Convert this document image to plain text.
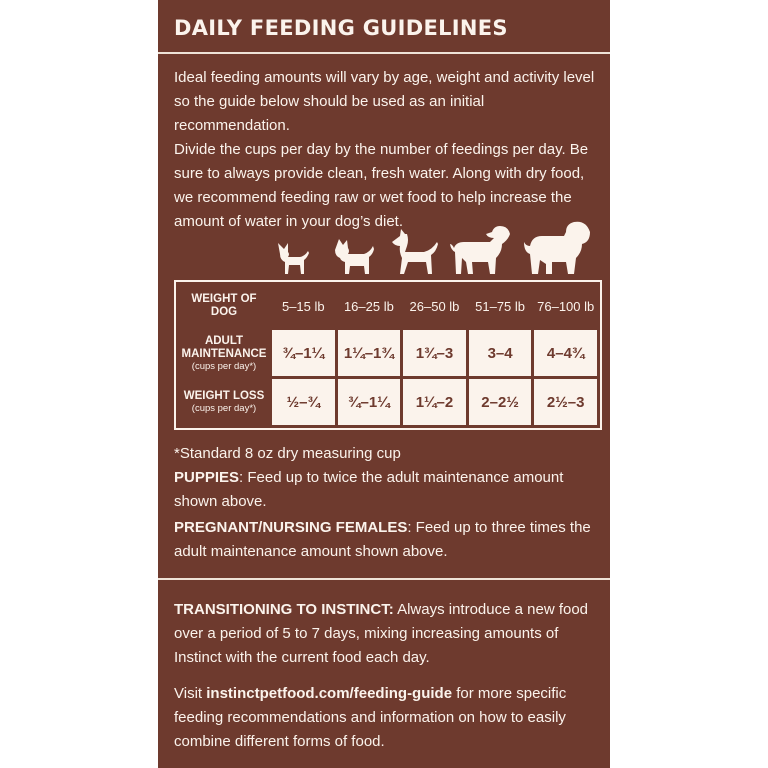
DAILY FEEDING GUIDELINES
Ideal feeding amounts will vary by age, weight and activity level
so the guide below should be used as an initial recommendation.
Divide the cups per day by the number of feedings per day. Be
sure to always provide clean, fresh water. Along with dry food,
we recommend feeding raw or wet food to help increase the
amount of water in your dog’s diet.
WEIGHT OF DOG	5–15 lb	16–25 lb	26–50 lb	51–75 lb	76–100 lb
ADULT MAINTENANCE
(cups per day*)	¾–1¼	1¼–1¾	1¾–3	3–4	4–4¾
WEIGHT LOSS
(cups per day*)	½–¾	¾–1¼	1¼–2	2–2½	2½–3

*Standard 8 oz dry measuring cup

PUPPIES: Feed up to twice the adult maintenance amount shown above.

PREGNANT/NURSING FEMALES: Feed up to three times the adult maintenance amount shown above.

TRANSITIONING TO INSTINCT: Always introduce a new food over a period of 5 to 7 days, mixing increasing amounts of Instinct with the current food each day.
Visit instinctpetfood.com/feeding-guide for more specific feeding recommendations and information on how to easily combine different forms of food.
